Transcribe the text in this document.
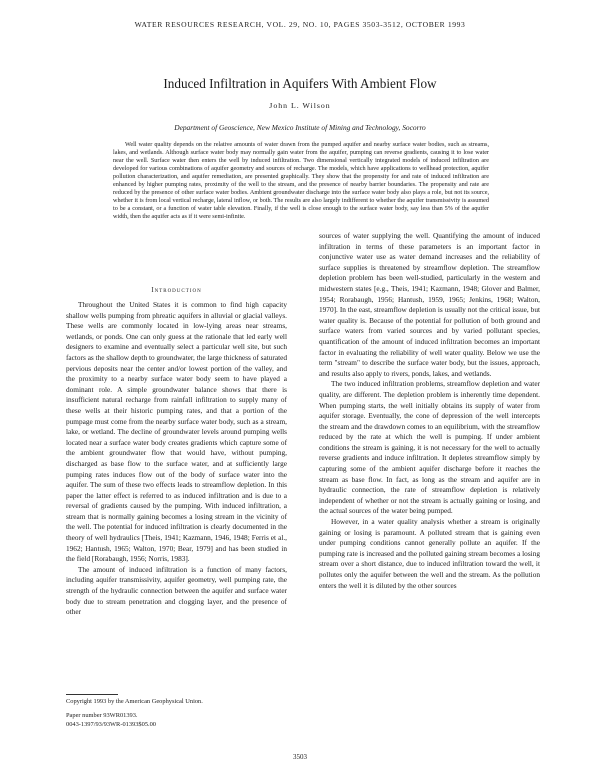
WATER RESOURCES RESEARCH, VOL. 29, NO. 10, PAGES 3503-3512, OCTOBER 1993
Induced Infiltration in Aquifers With Ambient Flow
John L. Wilson
Department of Geoscience, New Mexico Institute of Mining and Technology, Socorro

Well water quality depends on the relative amounts of water drawn from the pumped aquifer and nearby surface water bodies, such as streams, lakes, and wetlands. Although surface water body may normally gain water from the aquifer, pumping can reverse gradients, causing it to lose water near the well. Surface water then enters the well by induced infiltration. Two dimensional vertically integrated models of induced infiltration are developed for various combinations of aquifer geometry and sources of recharge. The models, which have applications to wellhead protection, aquifer pollution characterization, and aquifer remediation, are presented graphically. They show that the propensity for and rate of induced infiltration are enhanced by higher pumping rates, proximity of the well to the stream, and the presence of nearby barrier boundaries. The propensity and rate are reduced by the presence of other surface water bodies. Ambient groundwater discharge into the surface water body also plays a role, but not its source, whether it is from local vertical recharge, lateral inflow, or both. The results are also largely indifferent to whether the aquifer transmissivity is assumed to be a constant, or a function of water table elevation. Finally, if the well is close enough to the surface water body, say less than 5% of the aquifer width, then the aquifer acts as if it were semi-infinite.

Introduction

Throughout the United States it is common to find high capacity shallow wells pumping from phreatic aquifers in alluvial or glacial valleys. These wells are commonly located in low-lying areas near streams, wetlands, or ponds. One can only guess at the rationale that led early well designers to examine and eventually select a particular well site, but such factors as the shallow depth to groundwater, the large thickness of saturated pervious deposits near the center and/or lowest portion of the valley, and the proximity to a nearby surface water body seem to have played a dominant role. A simple groundwater balance shows that there is insufficient natural recharge from rainfall infiltration to supply many of these wells at their historic pumping rates, and that a portion of the pumpage must come from the nearby surface water body, such as a stream, lake, or wetland. The decline of groundwater levels around pumping wells located near a surface water body creates gradients which capture some of the ambient groundwater flow that would have, without pumping, discharged as base flow to the surface water, and at sufficiently large pumping rates induces flow out of the body of surface water into the aquifer. The sum of these two effects leads to streamflow depletion. In this paper the latter effect is referred to as induced infiltration and is due to a reversal of gradients caused by the pumping. With induced infiltration, a stream that is normally gaining becomes a losing stream in the vicinity of the well. The potential for induced infiltration is clearly documented in the theory of well hydraulics [Theis, 1941; Kazmann, 1946, 1948; Ferris et al., 1962; Hantush, 1965; Walton, 1970; Bear, 1979] and has been studied in the field [Rorabaugh, 1956; Norris, 1983].

The amount of induced infiltration is a function of many factors, including aquifer transmissivity, aquifer geometry, well pumping rate, the strength of the hydraulic connection between the aquifer and surface water body due to stream penetration and clogging layer, and the presence of other

sources of water supplying the well. Quantifying the amount of induced infiltration in terms of these parameters is an important factor in conjunctive water use as water demand increases and the reliability of surface supplies is threatened by streamflow depletion. The streamflow depletion problem has been well-studied, particularly in the western and midwestern states [e.g., Theis, 1941; Kazmann, 1948; Glover and Balmer, 1954; Rorabaugh, 1956; Hantush, 1959, 1965; Jenkins, 1968; Walton, 1970]. In the east, streamflow depletion is usually not the critical issue, but water quality is. Because of the potential for pollution of both ground and surface waters from varied sources and by varied pollutant species, quantification of the amount of induced infiltration becomes an important factor in evaluating the reliability of well water quality. Below we use the term "stream" to describe the surface water body, but the issues, approach, and results also apply to rivers, ponds, lakes, and wetlands.

The two induced infiltration problems, streamflow depletion and water quality, are different. The depletion problem is inherently time dependent. When pumping starts, the well initially obtains its supply of water from aquifer storage. Eventually, the cone of depression of the well intercepts the stream and the drawdown comes to an equilibrium, with the streamflow reduced by the rate at which the well is pumping. If under ambient conditions the stream is gaining, it is not necessary for the well to actually reverse gradients and induce infiltration. It depletes streamflow simply by capturing some of the ambient aquifer discharge before it reaches the stream as base flow. In fact, as long as the stream and aquifer are in hydraulic connection, the rate of streamflow depletion is relatively independent of whether or not the stream is actually gaining or losing, and the actual sources of the water being pumped.

However, in a water quality analysis whether a stream is originally gaining or losing is paramount. A polluted stream that is gaining even under pumping conditions cannot generally pollute an aquifer. If the pumping rate is increased and the polluted gaining stream becomes a losing stream over a short distance, due to induced infiltration toward the well, it pollutes only the aquifer between the well and the stream. As the pollution enters the well it is diluted by the other sources

Copyright 1993 by the American Geophysical Union.
Paper number 93WR01393.
0043-1397/93/93WR-01393$05.00
3503
